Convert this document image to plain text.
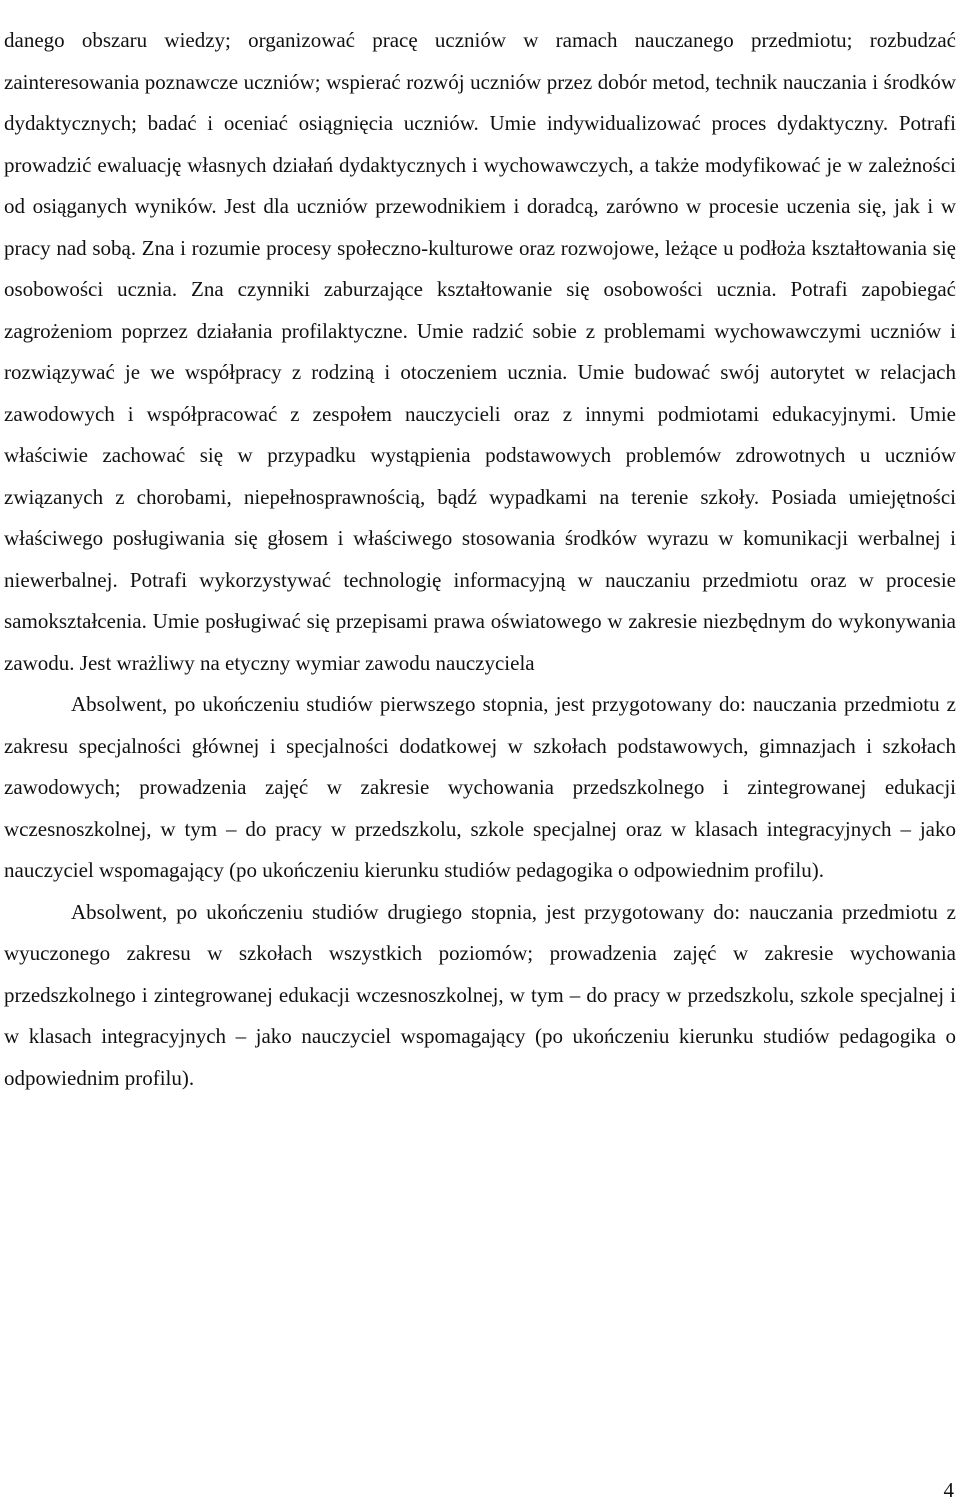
danego obszaru wiedzy; organizować pracę uczniów w ramach nauczanego przedmiotu; rozbudzać zainteresowania poznawcze uczniów; wspierać rozwój uczniów przez dobór metod, technik nauczania i środków dydaktycznych; badać i oceniać osiągnięcia uczniów. Umie indywidualizować proces dydaktyczny. Potrafi prowadzić ewaluację własnych działań dydaktycznych i wychowawczych, a także modyfikować je w zależności od osiąganych wyników. Jest dla uczniów przewodnikiem i doradcą, zarówno w procesie uczenia się, jak i w pracy nad sobą. Zna i rozumie procesy społeczno-kulturowe oraz rozwojowe, leżące u podłoża kształtowania się osobowości ucznia. Zna czynniki zaburzające kształtowanie się osobowości ucznia. Potrafi zapobiegać zagrożeniom poprzez działania profilaktyczne. Umie radzić sobie z problemami wychowawczymi uczniów i rozwiązywać je we współpracy z rodziną i otoczeniem ucznia. Umie budować swój autorytet w relacjach zawodowych i współpracować z zespołem nauczycieli oraz z innymi podmiotami edukacyjnymi. Umie właściwie zachować się w przypadku wystąpienia podstawowych problemów zdrowotnych u uczniów związanych z chorobami, niepełnosprawnością, bądź wypadkami na terenie szkoły. Posiada umiejętności właściwego posługiwania się głosem i właściwego stosowania środków wyrazu w komunikacji werbalnej i niewerbalnej. Potrafi wykorzystywać technologię informacyjną w nauczaniu przedmiotu oraz w procesie samokształcenia. Umie posługiwać się przepisami prawa oświatowego w zakresie niezbędnym do wykonywania zawodu. Jest wrażliwy na etyczny wymiar zawodu nauczyciela

Absolwent, po ukończeniu studiów pierwszego stopnia, jest przygotowany do: nauczania przedmiotu z zakresu specjalności głównej i specjalności dodatkowej w szkołach podstawowych, gimnazjach i szkołach zawodowych; prowadzenia zajęć w zakresie wychowania przedszkolnego i zintegrowanej edukacji wczesnoszkolnej, w tym – do pracy w przedszkolu, szkole specjalnej oraz w klasach integracyjnych – jako nauczyciel wspomagający (po ukończeniu kierunku studiów pedagogika o odpowiednim profilu).

Absolwent, po ukończeniu studiów drugiego stopnia, jest przygotowany do: nauczania przedmiotu z wyuczonego zakresu w szkołach wszystkich poziomów; prowadzenia zajęć w zakresie wychowania przedszkolnego i zintegrowanej edukacji wczesnoszkolnej, w tym – do pracy w przedszkolu, szkole specjalnej i w klasach integracyjnych – jako nauczyciel wspomagający (po ukończeniu kierunku studiów pedagogika o odpowiednim profilu).

4
